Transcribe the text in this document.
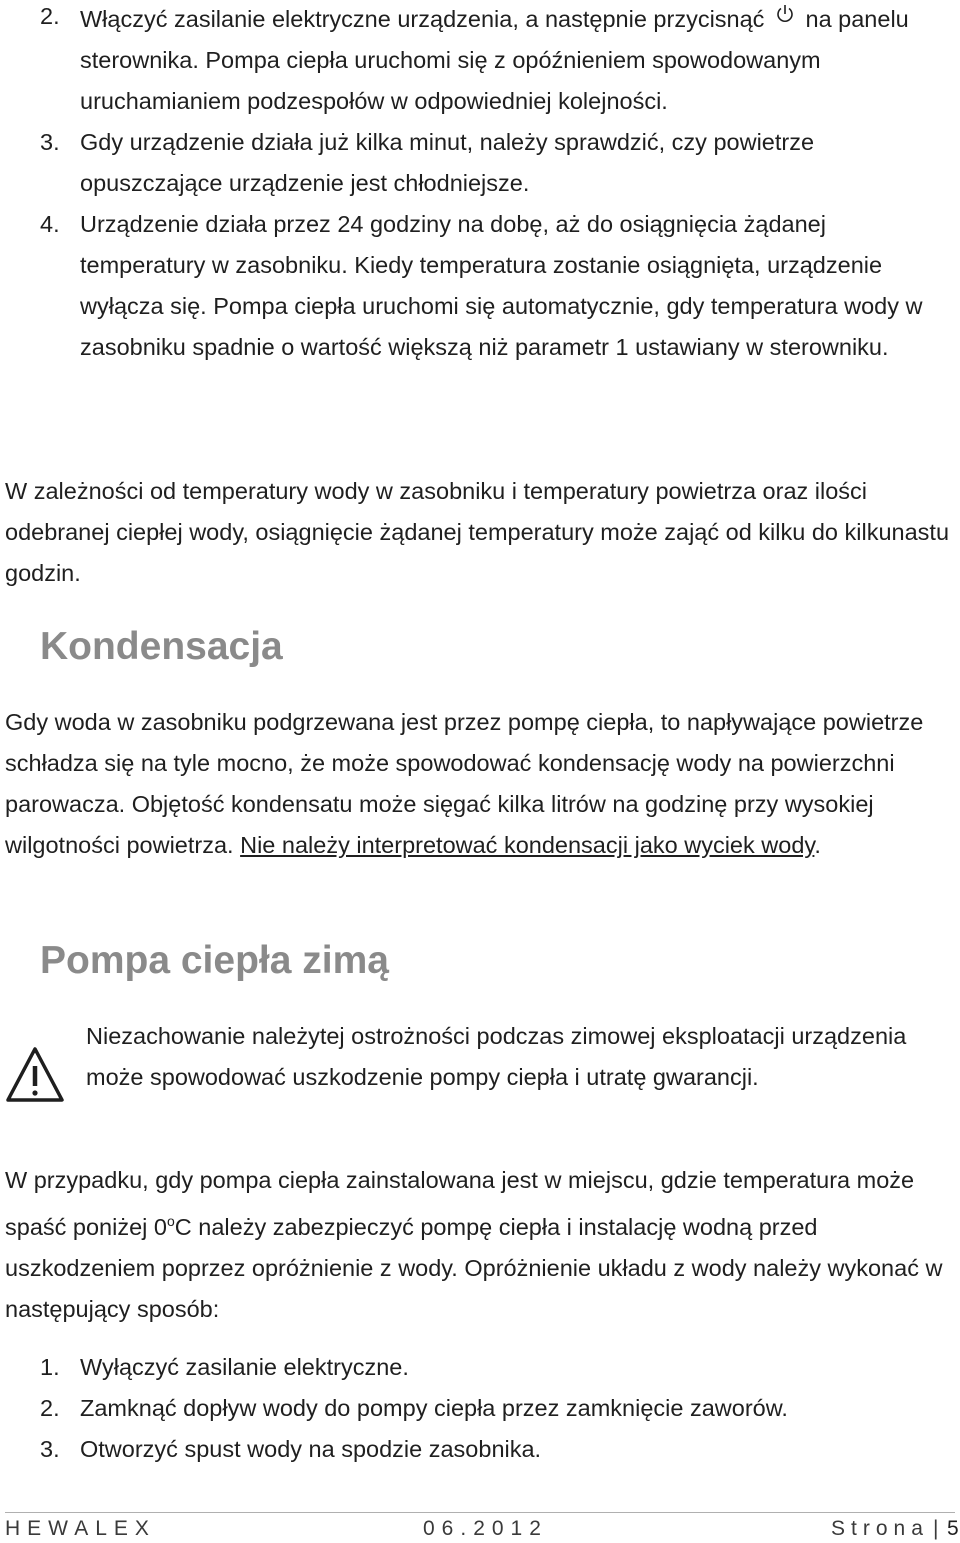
2. Włączyć zasilanie elektryczne urządzenia, a następnie przycisnąć na panelu sterownika. Pompa ciepła uruchomi się z opóźnieniem spowodowanym uruchamianiem podzespołów w odpowiedniej kolejności.
3. Gdy urządzenie działa już kilka minut, należy sprawdzić, czy powietrze opuszczające urządzenie jest chłodniejsze.
4. Urządzenie działa przez 24 godziny na dobę, aż do osiągnięcia żądanej temperatury w zasobniku. Kiedy temperatura zostanie osiągnięta, urządzenie wyłącza się. Pompa ciepła uruchomi się automatycznie, gdy temperatura wody w zasobniku spadnie o wartość większą niż parametr 1 ustawiany w sterowniku.

W zależności od temperatury wody w zasobniku i temperatury powietrza oraz ilości odebranej ciepłej wody, osiągnięcie żądanej temperatury może zająć od kilku do kilkunastu godzin.

Kondensacja

Gdy woda w zasobniku podgrzewana jest przez pompę ciepła, to napływające powietrze schładza się na tyle mocno, że może spowodować kondensację wody na powierzchni parowacza. Objętość kondensatu może sięgać kilka litrów na godzinę przy wysokiej wilgotności powietrza. Nie należy interpretować kondensacji jako wyciek wody.

Pompa ciepła zimą

Niezachowanie należytej ostrożności podczas zimowej eksploatacji urządzenia może spowodować uszkodzenie pompy ciepła i utratę gwarancji.

W przypadku, gdy pompa ciepła zainstalowana jest w miejscu, gdzie temperatura może spaść poniżej 0$^o$C należy zabezpieczyć pompę ciepła i instalację wodną przed uszkodzeniem poprzez opróżnienie z wody. Opróżnienie układu z wody należy wykonać w następujący sposób:

1. Wyłączyć zasilanie elektryczne.
2. Zamknąć dopływ wody do pompy ciepła przez zamknięcie zaworów.
3. Otworzyć spust wody na spodzie zasobnika.
HEWALEX	06.2012	Strona | 5
